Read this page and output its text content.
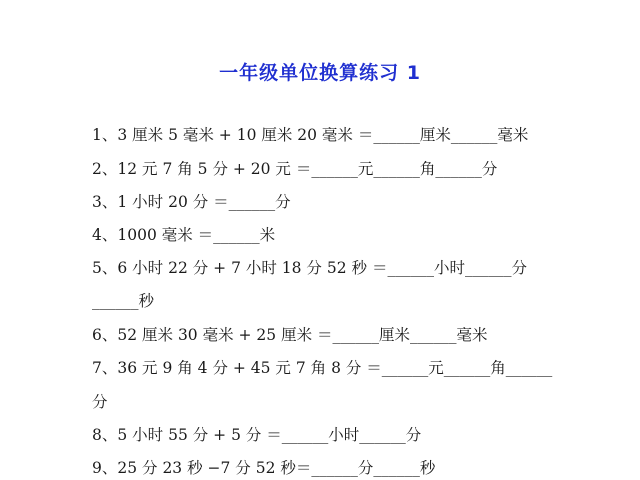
一年级单位换算练习 1
1、3 厘米 5 毫米 + 10 厘米 20 毫米 ＝______厘米______毫米
2、12 元 7 角 5 分 + 20 元 ＝______元______角______分
3、1 小时 20 分 ＝______分
4、1000 毫米 ＝______米
5、6 小时 22 分 + 7 小时 18 分 52 秒 ＝______小时______分
______秒
6、52 厘米 30 毫米 + 25 厘米 ＝______厘米______毫米
7、36 元 9 角 4 分 + 45 元 7 角 8 分 ＝______元______角______
分
8、5 小时 55 分 + 5 分 ＝______小时______分
9、25 分 23 秒 −7 分 52 秒＝______分______秒
